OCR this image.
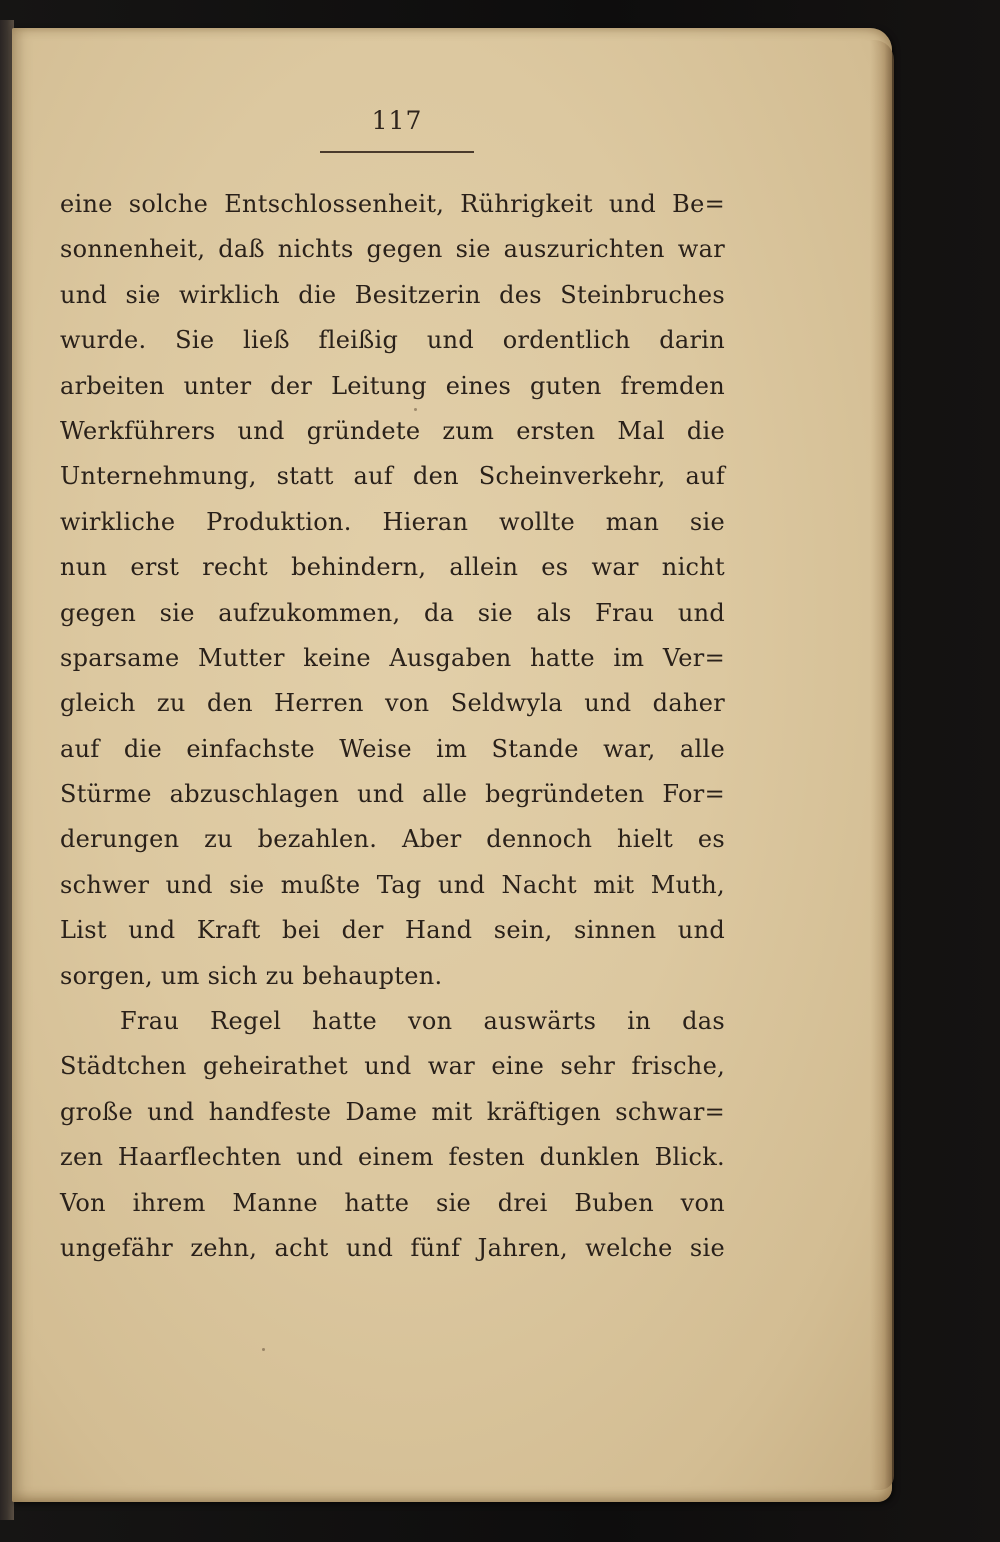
117
eine solche Entschlossenheit, Rührigkeit und Be=
sonnenheit, daß nichts gegen sie auszurichten war
und sie wirklich die Besitzerin des Steinbruches
wurde. Sie ließ fleißig und ordentlich darin
arbeiten unter der Leitung eines guten fremden
Werkführers und gründete zum ersten Mal die
Unternehmung, statt auf den Scheinverkehr, auf
wirkliche Produktion. Hieran wollte man sie
nun erst recht behindern, allein es war nicht
gegen sie aufzukommen, da sie als Frau und
sparsame Mutter keine Ausgaben hatte im Ver=
gleich zu den Herren von Seldwyla und daher
auf die einfachste Weise im Stande war, alle
Stürme abzuschlagen und alle begründeten For=
derungen zu bezahlen. Aber dennoch hielt es
schwer und sie mußte Tag und Nacht mit Muth,
List und Kraft bei der Hand sein, sinnen und
sorgen, um sich zu behaupten.
Frau Regel hatte von auswärts in das
Städtchen geheirathet und war eine sehr frische,
große und handfeste Dame mit kräftigen schwar=
zen Haarflechten und einem festen dunklen Blick.
Von ihrem Manne hatte sie drei Buben von
ungefähr zehn, acht und fünf Jahren, welche sie
